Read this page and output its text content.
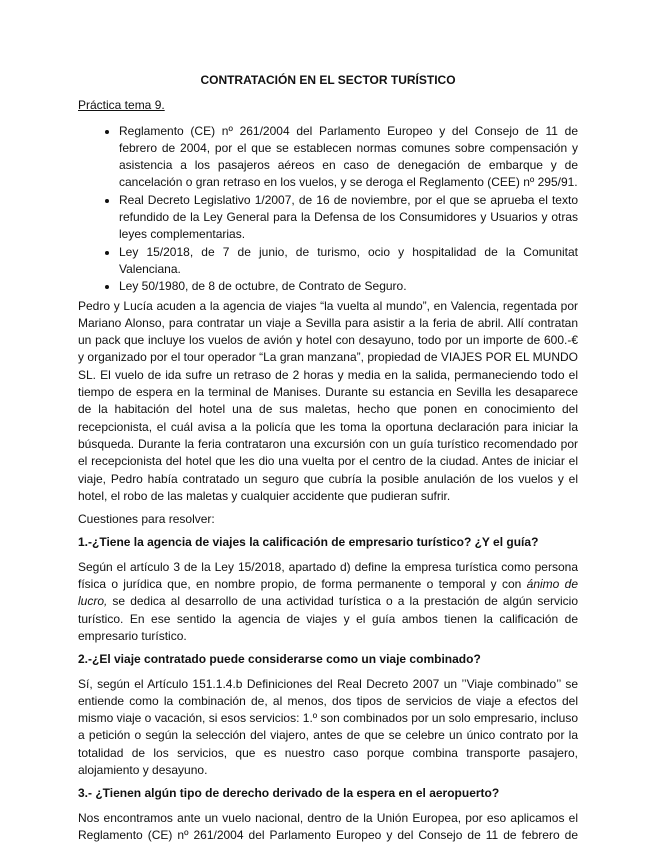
CONTRATACIÓN EN EL SECTOR TURÍSTICO

Práctica tema 9.

• Reglamento (CE) nº 261/2004 del Parlamento Europeo y del Consejo de 11 de febrero de 2004, por el que se establecen normas comunes sobre compensación y asistencia a los pasajeros aéreos en caso de denegación de embarque y de cancelación o gran retraso en los vuelos, y se deroga el Reglamento (CEE) nº 295/91.
• Real Decreto Legislativo 1/2007, de 16 de noviembre, por el que se aprueba el texto refundido de la Ley General para la Defensa de los Consumidores y Usuarios y otras leyes complementarias.
• Ley 15/2018, de 7 de junio, de turismo, ocio y hospitalidad de la Comunitat Valenciana.
• Ley 50/1980, de 8 de octubre, de Contrato de Seguro.

Pedro y Lucía acuden a la agencia de viajes “la vuelta al mundo”, en Valencia, regentada por Mariano Alonso, para contratar un viaje a Sevilla para asistir a la feria de abril. Allí contratan un pack que incluye los vuelos de avión y hotel con desayuno, todo por un importe de 600.-€ y organizado por el tour operador “La gran manzana”, propiedad de VIAJES POR EL MUNDO SL. El vuelo de ida sufre un retraso de 2 horas y media en la salida, permaneciendo todo el tiempo de espera en la terminal de Manises. Durante su estancia en Sevilla les desaparece de la habitación del hotel una de sus maletas, hecho que ponen en conocimiento del recepcionista, el cuál avisa a la policía que les toma la oportuna declaración para iniciar la búsqueda. Durante la feria contrataron una excursión con un guía turístico recomendado por el recepcionista del hotel que les dio una vuelta por el centro de la ciudad. Antes de iniciar el viaje, Pedro había contratado un seguro que cubría la posible anulación de los vuelos y el hotel, el robo de las maletas y cualquier accidente que pudieran sufrir.

Cuestiones para resolver:

1.-¿Tiene la agencia de viajes la calificación de empresario turístico? ¿Y el guía?

Según el artículo 3 de la Ley 15/2018, apartado d) define la empresa turística como persona física o jurídica que, en nombre propio, de forma permanente o temporal y con ánimo de lucro, se dedica al desarrollo de una actividad turística o a la prestación de algún servicio turístico. En ese sentido la agencia de viajes y el guía ambos tienen la calificación de empresario turístico.

2.-¿El viaje contratado puede considerarse como un viaje combinado?

Sí, según el Artículo 151.1.4.b Definiciones del Real Decreto 2007 un ’’Viaje combinado’’ se entiende como la combinación de, al menos, dos tipos de servicios de viaje a efectos del mismo viaje o vacación, si esos servicios: 1.º son combinados por un solo empresario, incluso a petición o según la selección del viajero, antes de que se celebre un único contrato por la totalidad de los servicios, que es nuestro caso porque combina transporte pasajero, alojamiento y desayuno.

3.- ¿Tienen algún tipo de derecho derivado de la espera en el aeropuerto?

Nos encontramos ante un vuelo nacional, dentro de la Unión Europea, por eso aplicamos el Reglamento (CE) nº 261/2004 del Parlamento Europeo y del Consejo de 11 de febrero de
